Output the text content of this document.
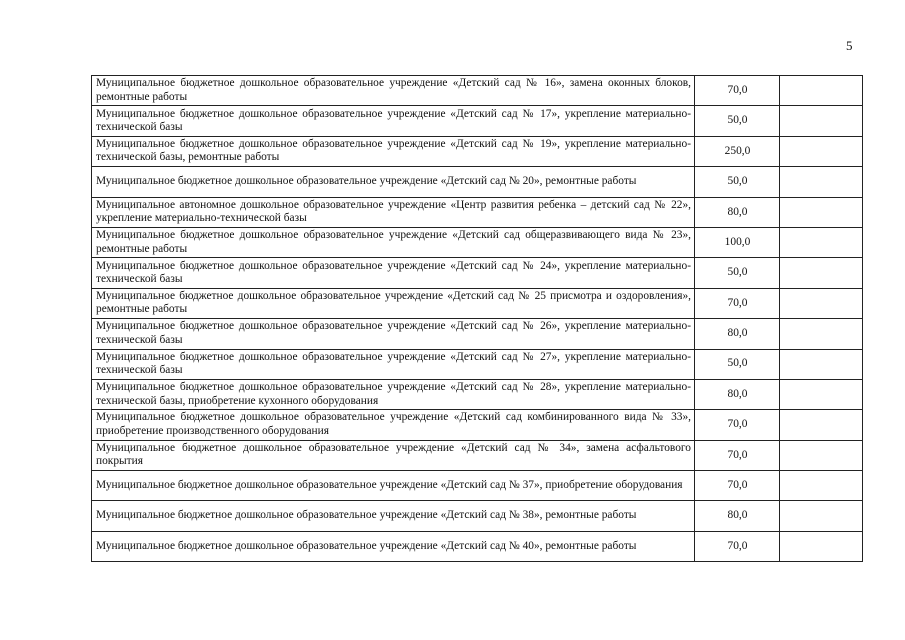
5
Муниципальное бюджетное дошкольное образовательное учреждение «Детский сад № 16», замена оконных блоков, ремонтные работы	70,0	
Муниципальное бюджетное дошкольное образовательное учреждение «Детский сад № 17», укрепление материально-технической базы	50,0	
Муниципальное бюджетное дошкольное образовательное учреждение «Детский сад № 19», укрепление материально-технической базы, ремонтные работы	250,0	
Муниципальное бюджетное дошкольное образовательное учреждение «Детский сад № 20», ремонтные работы	50,0	
Муниципальное автономное дошкольное образовательное учреждение «Центр развития ребенка – детский сад № 22», укрепление материально-технической базы	80,0	
Муниципальное бюджетное дошкольное образовательное учреждение «Детский сад общеразвивающего вида № 23», ремонтные работы	100,0	
Муниципальное бюджетное дошкольное образовательное учреждение «Детский сад № 24», укрепление материально-технической базы	50,0	
Муниципальное бюджетное дошкольное образовательное учреждение «Детский сад № 25 присмотра и оздоровления», ремонтные работы	70,0	
Муниципальное бюджетное дошкольное образовательное учреждение «Детский сад № 26», укрепление материально-технической базы	80,0	
Муниципальное бюджетное дошкольное образовательное учреждение «Детский сад № 27», укрепление материально-технической базы	50,0	
Муниципальное бюджетное дошкольное образовательное учреждение «Детский сад № 28», укрепление материально-технической базы, приобретение кухонного оборудования	80,0	
Муниципальное бюджетное дошкольное образовательное учреждение «Детский сад комбинированного вида № 33», приобретение производственного оборудования	70,0	
Муниципальное бюджетное дошкольное образовательное учреждение «Детский сад № 34», замена асфальтового покрытия	70,0	
Муниципальное бюджетное дошкольное образовательное учреждение «Детский сад № 37», приобретение оборудования	70,0	
Муниципальное бюджетное дошкольное образовательное учреждение «Детский сад № 38», ремонтные работы	80,0	
Муниципальное бюджетное дошкольное образовательное учреждение «Детский сад № 40», ремонтные работы	70,0	
